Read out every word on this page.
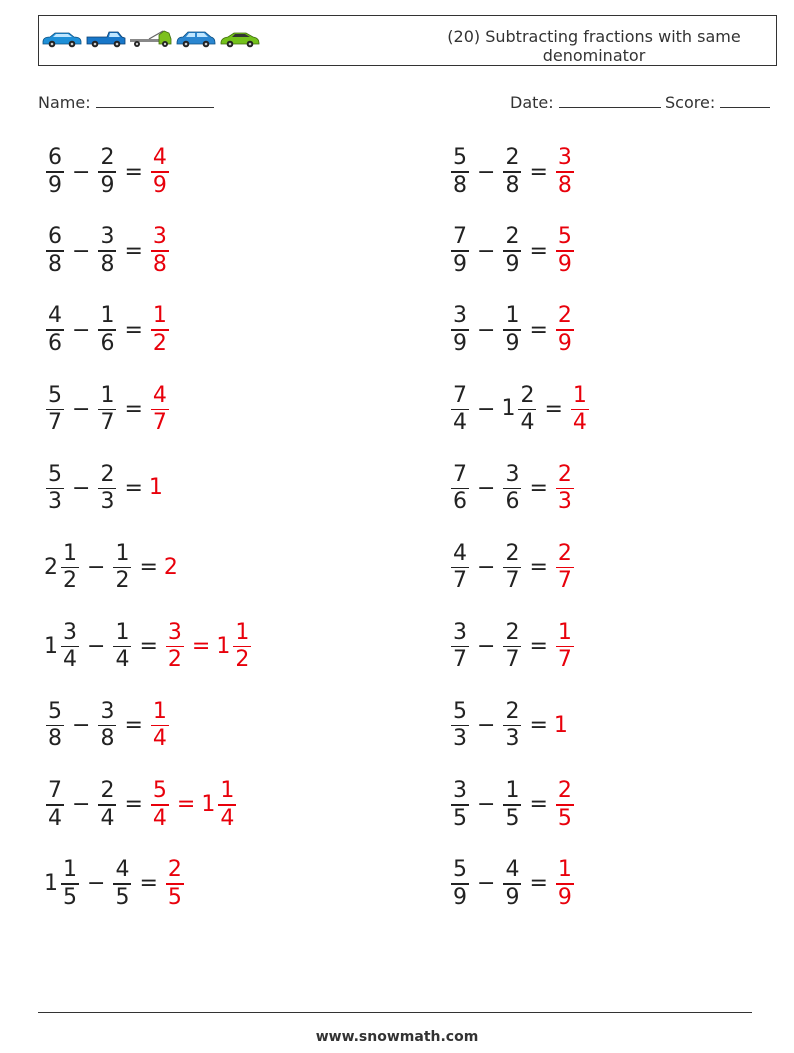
(20) Subtracting fractions with same denominator
Name:	Date:	Score:
$\frac{6}{9} - \frac{2}{9} = \frac{4}{9}$	$\frac{5}{8} - \frac{2}{8} = \frac{3}{8}$
$\frac{6}{8} - \frac{3}{8} = \frac{3}{8}$	$\frac{7}{9} - \frac{2}{9} = \frac{5}{9}$
$\frac{4}{6} - \frac{1}{6} = \frac{1}{2}$	$\frac{3}{9} - \frac{1}{9} = \frac{2}{9}$
$\frac{5}{7} - \frac{1}{7} = \frac{4}{7}$	$\frac{7}{4} - 1 \frac{2}{4} = \frac{1}{4}$
$\frac{5}{3} - \frac{2}{3} = 1$	$\frac{7}{6} - \frac{3}{6} = \frac{2}{3}$
$2 \frac{1}{2} - \frac{1}{2} = 2$	$\frac{4}{7} - \frac{2}{7} = \frac{2}{7}$
$1 \frac{3}{4} - \frac{1}{4} = \frac{3}{2} = 1 \frac{1}{2}$	$\frac{3}{7} - \frac{2}{7} = \frac{1}{7}$
$\frac{5}{8} - \frac{3}{8} = \frac{1}{4}$	$\frac{5}{3} - \frac{2}{3} = 1$
$\frac{7}{4} - \frac{2}{4} = \frac{5}{4} = 1 \frac{1}{4}$	$\frac{3}{5} - \frac{1}{5} = \frac{2}{5}$
$1 \frac{1}{5} - \frac{4}{5} = \frac{2}{5}$	$\frac{5}{9} - \frac{4}{9} = \frac{1}{9}$
www.snowmath.com
